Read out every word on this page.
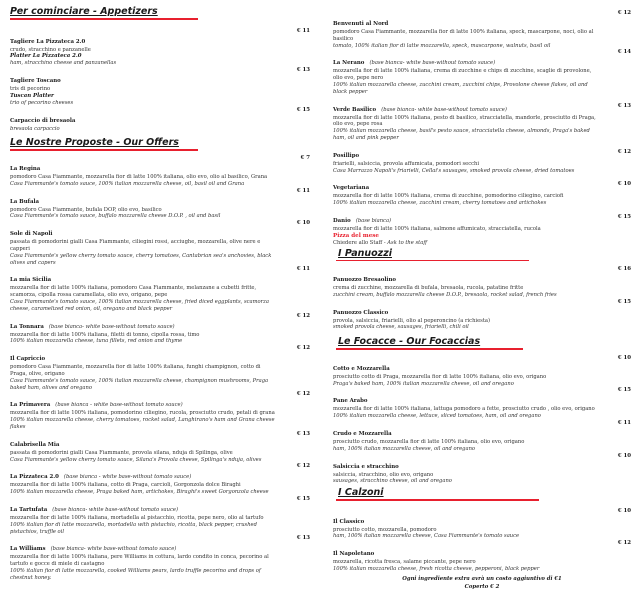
Per cominciare - Appetizers
Tagliere La Pizzateca 2.0
€ 11
crudo, stracchino e panzanelle
Platter La Pizzateca 2.0
ham, stracchino cheese and panzanellas
Tagliere Toscano
€ 13
tris di pecorino
Tuscan Platter
trio of pecorino cheeses
Carpaccio di bresaola
€ 15
bresaola carpaccio
Le Nostre Proposte - Our Offers
La Regina
€ 7
pomodoro Casa Fiammante, mozzarella fior di latte 100% italiana, olio evo, olio al basilico, Grana
Casa Fiammante's tomato sauce, 100% italian mozzarella cheese, oil, basil oil and Grana
La Bufala
€ 11
pomodoro Casa Fiammante, bufala DOP, olio evo, basilico
Casa Fiammante's tomato sauce, buffalo mozzarella cheese D.O.P. , oil and basil
Sole di Napoli
€ 10
passata di pomodorini gialli Casa Fiammante, ciliegini rossi, acciughe, mozzarella, olive nere e capperi
Casa Fiammante's yellow cherry tomato sauce, cherry tomatoes, Cantabrian sea's anchovies, black olives and capers
La mia Sicilia
€ 11
mozzarella fior di latte 100% italiana, pomodoro Casa Fiammante, melanzane a cubetti fritte, scamorza, cipolla rossa caramellata, olio evo, origano, pepe
Casa Fiammante's tomato sauce, 100% italian mozzarella cheese, fried diced eggplants, scamorza cheese, caramelized red onion, oil, oregano and black pepper
La Tonnara (base bianca- white base-without tomato sauce)
€ 12
mozzarella fior di latte 100% italiana, filetti di tonno, cipolla rossa, timo
100% italian mozzarella cheese, tuna fillets, red onion and thyme
Il Capriccio
€ 12
pomodoro Casa Fiammante, mozzarella fior di latte 100% italiana, funghi champignon, cotto di Praga, olive, origano
Casa Fiammante's tomato sauce, 100% italian mozzarella cheese, champignon mushrooms, Praga baked ham, olives and oregano
La Primavera (base bianca - white base-without tomato sauce)
€ 12
mozzarella fior di latte 100% italiana, pomodorino ciliegino, rucola, prosciutto crudo, petali di grana
100% italian mozzarella cheese, cherry tomatoes, rocket salad, Langhirano's ham and Grana cheese flakes
Calabrisella Mia
€ 13
passata di pomodorini gialli Casa Fiammante, provola silana, nduja di Spilinga, olive
Casa Fiammante's yellow cherry tomato sauce, Silana's Provola cheese, Spilinga's nduja, olives
La Pizzateca 2.0 (base bianca - white base-without tomato sauce)
€ 12
mozzarella fior di latte 100% italiana, cotto di Praga, carcioli, Gorgonzola dolce Biraghi
100% italian mozzarella cheese, Praga baked ham, artichokes, Biraghi's sweet Gorgonzola cheese
La Tartufata (base bianca- white base-without tomato sauce)
€ 15
mozzarella fior di latte 100% italiana, mortadella al pistacchio, ricotta, pepe nero, olio al tartufo
100% italian fior di latte mozzarella, mortadella with pistachio, ricotta, black pepper, crushed pistachios, truffle oil
La Williams (base bianca- white base-without tomato sauce)
€ 13
mozzarella fior di latte 100% italiana, pere Williams in cottura, lardo condito in conca, pecorino al tartufo e gocce di miele di castagno
100% italian fior di latte mozzarella, cooked Williams pears, lardo truffle pecorino and drops of chestnut honey.
Benvenuti al Nord
€ 12
pomodoro Casa Fiammante, mozzarella fior di latte 100% italiana, speck, mascarpone, noci, olio al basilico
tomato, 100% italian fior di latte mozzarella, speck, mascarpone, walnuts, basil oil
La Nerano (base bianca- white base-without tomato sauce)
€ 14
mozzarella fior di latte 100% italiana, crema di zucchine e chips di zucchine, scaglie di provolone, olio evo, pepe nero
100% italian mozzarella cheese, zucchini cream, zucchini chips, Provolone cheese flakes, oil and black pepper
Verde Basilico (base bianca- white base-without tomato sauce)
€ 13
mozzarella fior di latte 100% italiana, pesto di basilico, stracciatella, mandorle, prosciutto di Praga, olio evo, pepe rosa
100% italian mozzarella cheese, basil's pesto sauce, stracciatella cheese, almonds, Praga's baked ham, oil and pink pepper
Posillipo
€ 12
friarielli, salsiccia, provola affumicata, pomodori secchi
Casa Marrazzo Napoli's friarielli, Cellai's sausages, smoked provola cheese, dried tomatoes
Vegetariana
€ 10
mozzarella fior di latte 100% italiana, crema di zucchine, pomodorino ciliegino, carciofi
100% italian mozzarella cheese, zucchini cream, cherry tomatoes and artichokes
Danio (base bianca)
€ 15
mozzarella fior di latte 100% italiana, salmone affumicato, stracciatella, rucola
Pizza del mese
Chiedere allo Staff - Ask to the staff
I Panuozzi
Panuozzo Bresaolino
€ 16
crema di zucchine, mozzarella di bufala, bresaola, rucola, patatine fritte
zucchini cream, buffalo mozzarella cheese D.O.P., bresaola, rocket salad, french fries
Panuozzo Classico
€ 15
provola, salsiccia, friarielli, olio al peperoncino (a richiesta)
smoked provola cheese, sausages, friarielli, chili oil
Le Focacce - Our Focaccias
Cotto e Mozzarella
€ 10
prosciutto cotto di Praga, mozzarella fior di latte 100% italiana, olio evo, origano
Praga's baked ham, 100% italian mozzarella cheese, oil and oregano
Pane Arabo
€ 15
mozzarella fior di latte 100% italiana, lattuga pomodoro a fette, prosciutto crudo , olio evo, origano
100% italian mozzarella cheese, lettuce, sliced tomatoes, ham, oil and oregano
Crudo e Mozzarella
€ 11
prosciutto crudo, mozzarella fior di latte 100% italiana, olio evo, origano
ham, 100% italian mozzarella cheese, oil and oregano
Salsiccia e stracchino
€ 10
salsiccia, stracchino, olio evo, origano
sausages, stracchino cheese, oil and oregano
I Calzoni
Il Classico
€ 10
prosciutto cotto, mozzarella, pomodoro
ham, 100% italian mozzarella cheese, Casa Fiammante's tomato sauce
Il Napoletano
€ 12
mozzarella, ricotta fresca, salame piccante, pepe nero
100% italian mozzarella cheese, fresh ricotta cheese, pepperoni, black pepper
Ogni ingrediente extra avrà un costo aggiuntivo di €1
Coperto € 2
